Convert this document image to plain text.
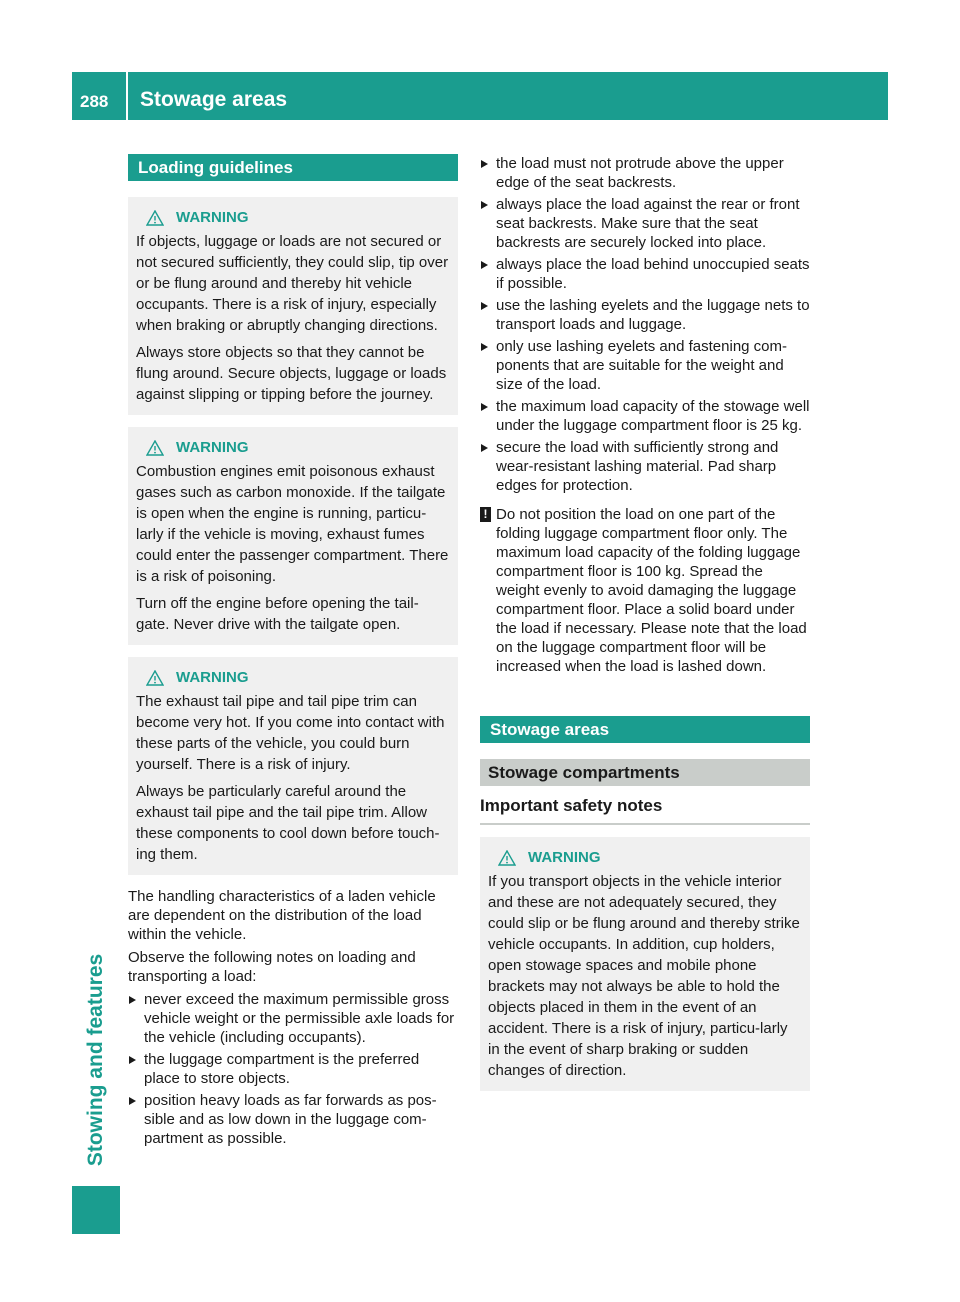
288 Stowage areas
Stowing and features
Loading guidelines
WARNING

If objects, luggage or loads are not secured or not secured sufficiently, they could slip, tip over or be flung around and thereby hit vehicle occupants. There is a risk of injury, especially when braking or abruptly changing directions.

Always store objects so that they cannot be flung around. Secure objects, luggage or loads against slipping or tipping before the journey.

WARNING

Combustion engines emit poisonous exhaust gases such as carbon monoxide. If the tailgate is open when the engine is running, particu-larly if the vehicle is moving, exhaust fumes could enter the passenger compartment. There is a risk of poisoning.

Turn off the engine before opening the tail-gate. Never drive with the tailgate open.

WARNING

The exhaust tail pipe and tail pipe trim can become very hot. If you come into contact with these parts of the vehicle, you could burn yourself. There is a risk of injury.

Always be particularly careful around the exhaust tail pipe and the tail pipe trim. Allow these components to cool down before touch-ing them.

The handling characteristics of a laden vehicle are dependent on the distribution of the load within the vehicle.

Observe the following notes on loading and transporting a load:

never exceed the maximum permissible gross vehicle weight or the permissible axle loads for the vehicle (including occupants).
the luggage compartment is the preferred place to store objects.
position heavy loads as far forwards as pos-sible and as low down in the luggage com-partment as possible.
the load must not protrude above the upper edge of the seat backrests.
always place the load against the rear or front seat backrests. Make sure that the seat backrests are securely locked into place.
always place the load behind unoccupied seats if possible.
use the lashing eyelets and the luggage nets to transport loads and luggage.
only use lashing eyelets and fastening com-ponents that are suitable for the weight and size of the load.
the maximum load capacity of the stowage well under the luggage compartment floor is 25 kg.
secure the load with sufficiently strong and wear-resistant lashing material. Pad sharp edges for protection.
! Do not position the load on one part of the folding luggage compartment floor only. The maximum load capacity of the folding luggage compartment floor is 100 kg. Spread the weight evenly to avoid damaging the luggage compartment floor. Place a solid board under the load if necessary. Please note that the load on the luggage compartment floor will be increased when the load is lashed down.
Stowage areas
Stowage compartments
Important safety notes
WARNING

If you transport objects in the vehicle interior and these are not adequately secured, they could slip or be flung around and thereby strike vehicle occupants. In addition, cup holders, open stowage spaces and mobile phone brackets may not always be able to hold the objects placed in them in the event of an accident. There is a risk of injury, particu-larly in the event of sharp braking or sudden changes of direction.
